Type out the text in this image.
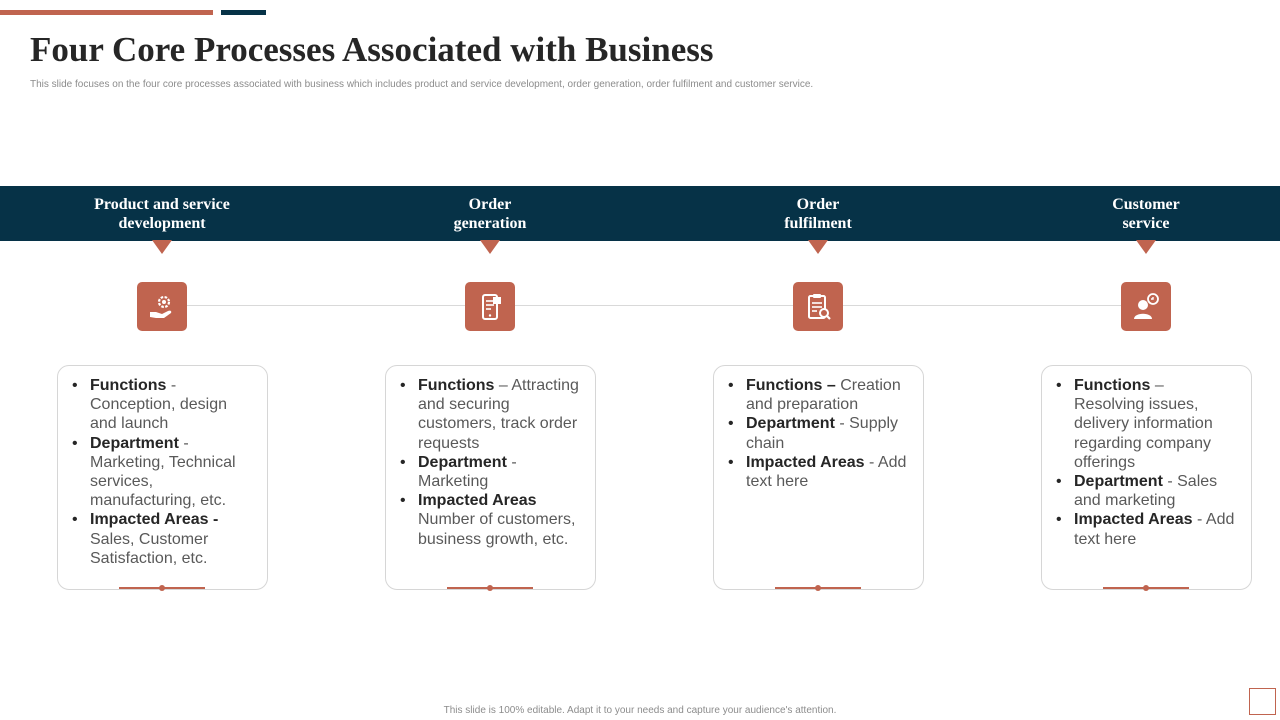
Four Core Processes Associated with Business

This slide focuses on the four core processes associated with business which includes product and service development, order generation, order fulfilment and customer service.

Product and service
development
• Functions - Conception, design and launch
• Department - Marketing, Technical services, manufacturing, etc.
• Impacted Areas - Sales, Customer Satisfaction, etc.
Order
generation
• Functions – Attracting and securing customers, track order requests
• Department - Marketing
• Impacted Areas Number of customers, business growth, etc.
Order
fulfilment
• Functions – Creation and preparation
• Department - Supply chain
• Impacted Areas - Add text here
Customer
service
• Functions – Resolving issues, delivery information regarding company offerings
• Department - Sales and marketing
• Impacted Areas - Add text here

This slide is 100% editable. Adapt it to your needs and capture your audience's attention.
